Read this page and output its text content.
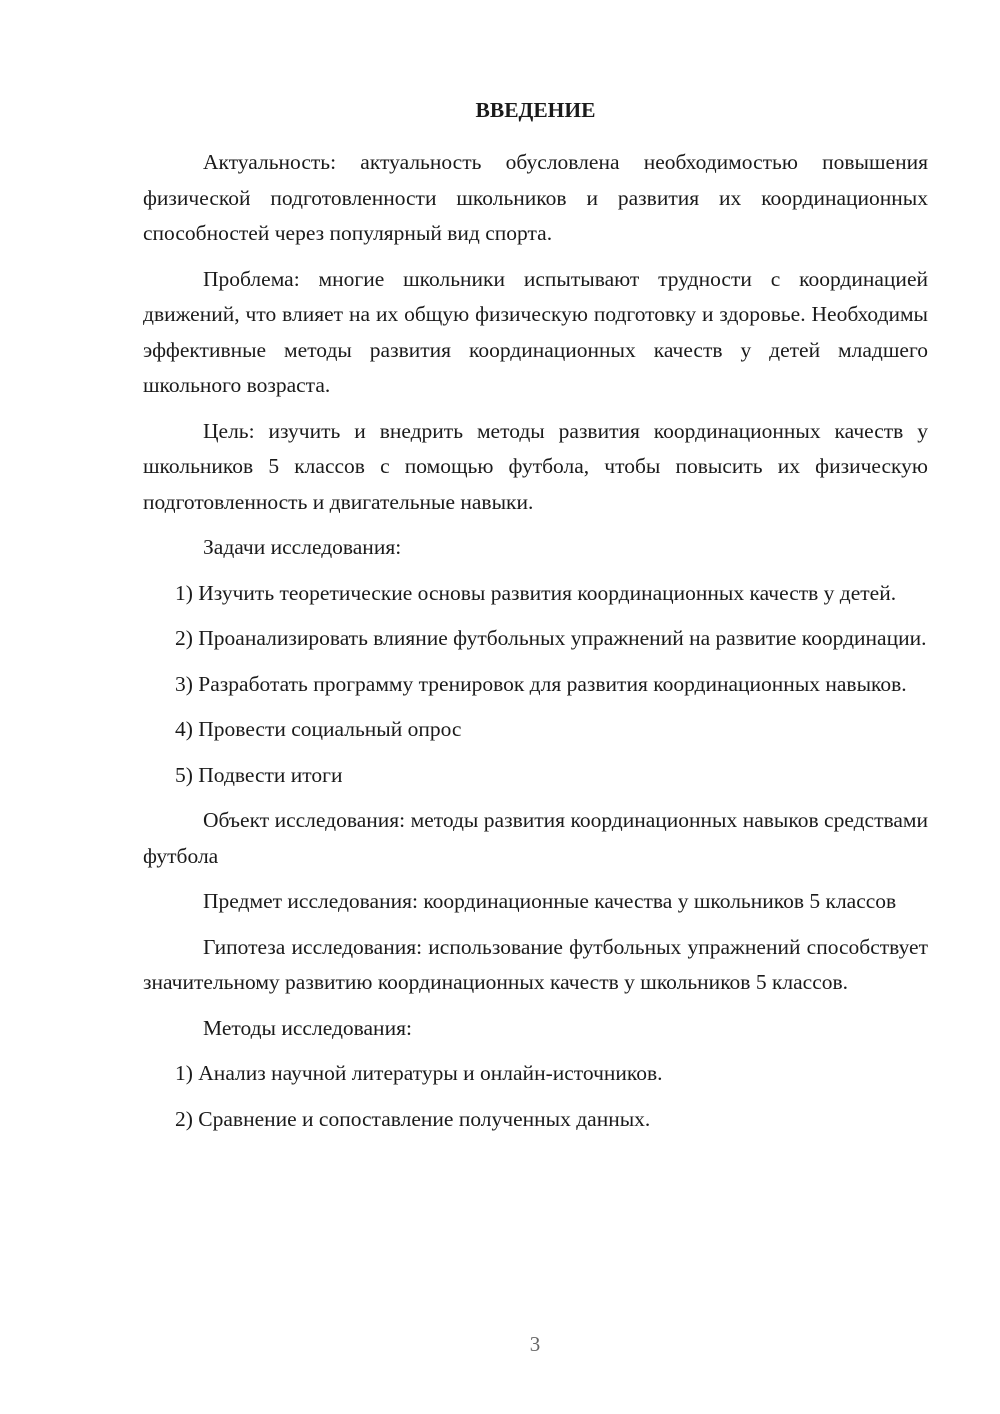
ВВЕДЕНИЕ

Актуальность: актуальность обусловлена необходимостью повышения физической подготовленности школьников и развития их координационных способностей через популярный вид спорта.

Проблема: многие школьники испытывают трудности с координацией движений, что влияет на их общую физическую подготовку и здоровье. Необходимы эффективные методы развития координационных качеств у детей младшего школьного возраста.

Цель: изучить и внедрить методы развития координационных качеств у школьников 5 классов с помощью футбола, чтобы повысить их физическую подготовленность и двигательные навыки.

Задачи исследования:

1) Изучить теоретические основы развития координационных качеств у детей.

2) Проанализировать влияние футбольных упражнений на развитие координации.

3) Разработать программу тренировок для развития координационных навыков.

4) Провести социальный опрос

5) Подвести итоги

Объект исследования: методы развития координационных навыков средствами футбола

Предмет исследования: координационные качества у школьников 5 классов

Гипотеза исследования: использование футбольных упражнений способствует значительному развитию координационных качеств у школьников 5 классов.

Методы исследования:

1) Анализ научной литературы и онлайн-источников.

2) Сравнение и сопоставление полученных данных.

3
